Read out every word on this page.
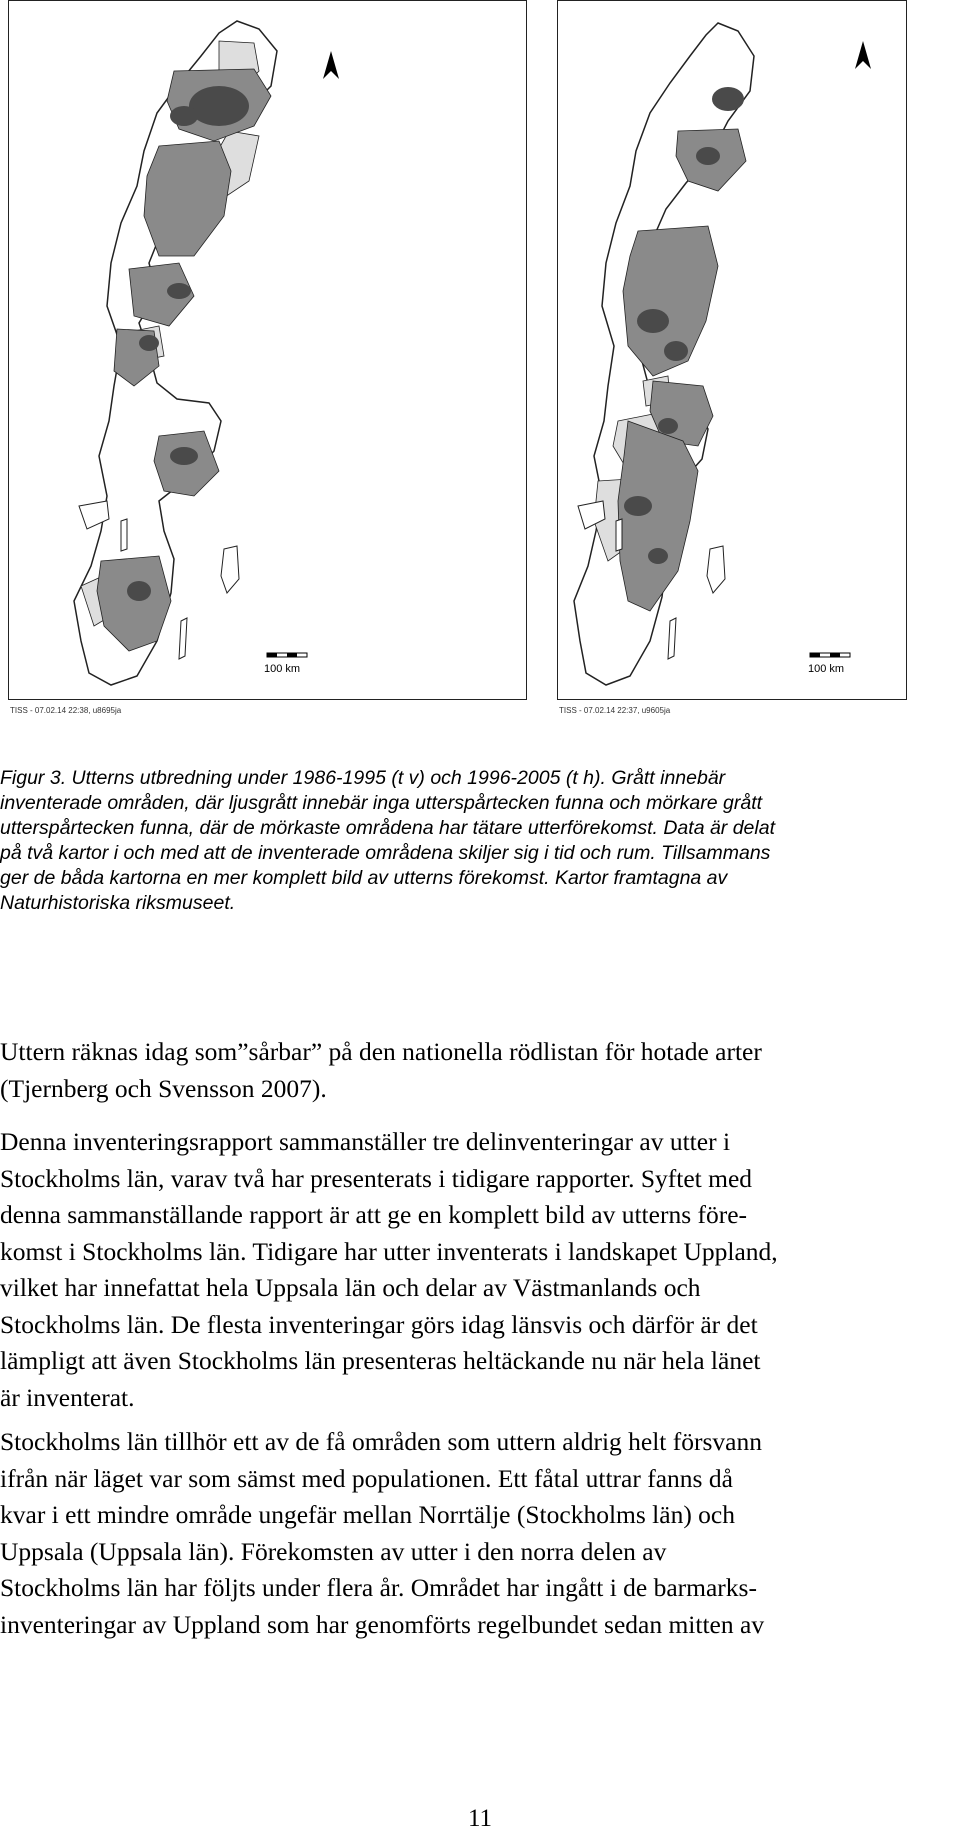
100 km	100 km
TISS - 07.02.14 22:38, u8695ja	TISS - 07.02.14 22:37, u9605ja

Figur 3. Utterns utbredning under 1986-1995 (t v) och 1996-2005 (t h). Grått innebär

inventerade områden, där ljusgrått innebär inga utterspårtecken funna och mörkare grått

utterspårtecken funna, där de mörkaste områdena har tätare utterförekomst. Data är delat

på två kartor i och med att de inventerade områdena skiljer sig i tid och rum. Tillsammans

ger de båda kartorna en mer komplett bild av utterns förekomst. Kartor framtagna av

Naturhistoriska riksmuseet.

Uttern räknas idag som”sårbar” på den nationella rödlistan för hotade arter

(Tjernberg och Svensson 2007).

Denna inventeringsrapport sammanställer tre delinventeringar av utter i

Stockholms län, varav två har presenterats i tidigare rapporter. Syftet med

denna sammanställande rapport är att ge en komplett bild av utterns före-

komst i Stockholms län. Tidigare har utter inventerats i landskapet Uppland,

vilket har innefattat hela Uppsala län och delar av Västmanlands och

Stockholms län. De flesta inventeringar görs idag länsvis och därför är det

lämpligt att även Stockholms län presenteras heltäckande nu när hela länet

är inventerat.

Stockholms län tillhör ett av de få områden som uttern aldrig helt försvann

ifrån när läget var som sämst med populationen. Ett fåtal uttrar fanns då

kvar i ett mindre område ungefär mellan Norrtälje (Stockholms län) och

Uppsala (Uppsala län). Förekomsten av utter i den norra delen av

Stockholms län har följts under flera år. Området har ingått i de barmarks-

inventeringar av Uppland som har genomförts regelbundet sedan mitten av

11
